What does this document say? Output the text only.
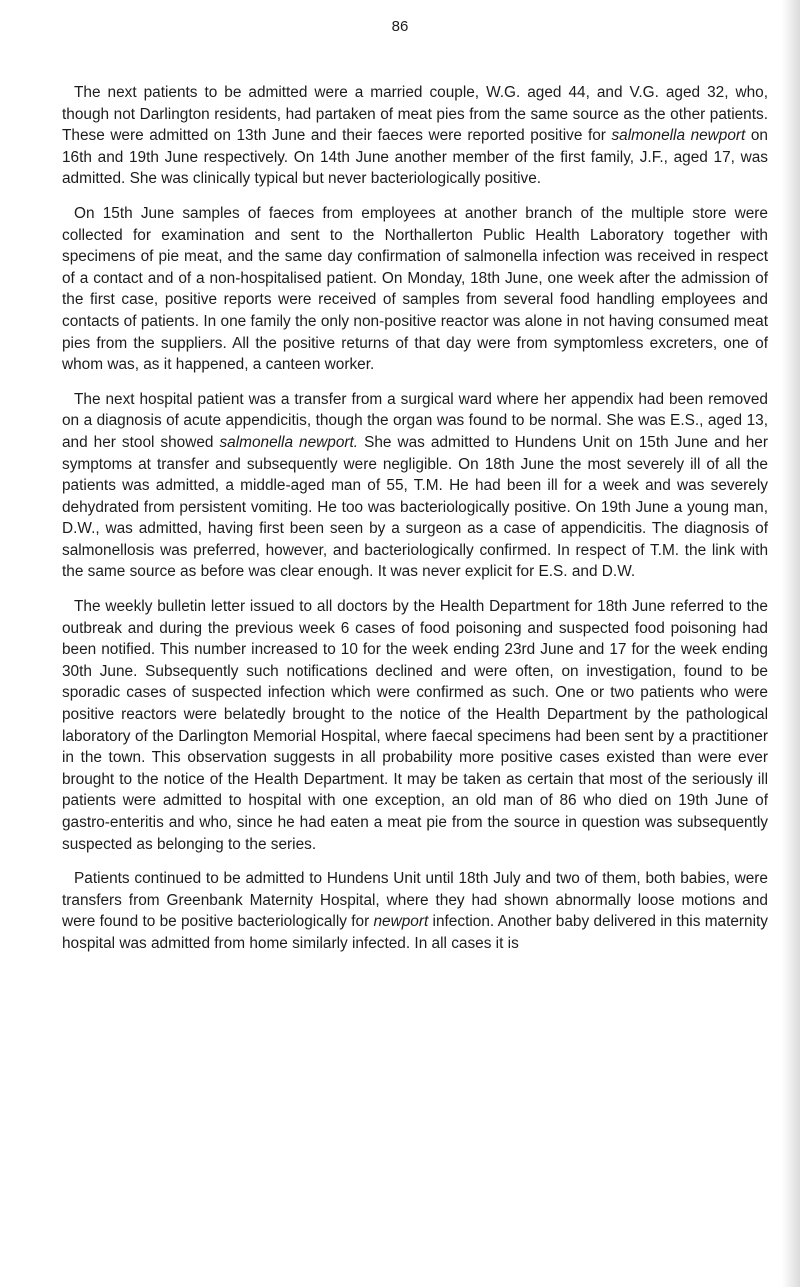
86

The next patients to be admitted were a married couple, W.G. aged 44, and V.G. aged 32, who, though not Darlington residents, had partaken of meat pies from the same source as the other patients. These were admitted on 13th June and their faeces were reported positive for salmonella newport on 16th and 19th June respectively. On 14th June another member of the first family, J.F., aged 17, was admitted. She was clinically typical but never bacteriologically positive.

On 15th June samples of faeces from employees at another branch of the multiple store were collected for examination and sent to the Northallerton Public Health Laboratory together with specimens of pie meat, and the same day confirmation of salmonella infection was received in respect of a contact and of a non-hospitalised patient. On Monday, 18th June, one week after the admission of the first case, positive reports were received of samples from several food handling employees and contacts of patients. In one family the only non-positive reactor was alone in not having consumed meat pies from the suppliers. All the positive returns of that day were from symptomless excreters, one of whom was, as it happened, a canteen worker.

The next hospital patient was a transfer from a surgical ward where her appendix had been removed on a diagnosis of acute appendicitis, though the organ was found to be normal. She was E.S., aged 13, and her stool showed salmonella newport. She was admitted to Hundens Unit on 15th June and her symptoms at transfer and subsequently were negligible. On 18th June the most severely ill of all the patients was admitted, a middle-aged man of 55, T.M. He had been ill for a week and was severely dehydrated from persistent vomiting. He too was bacteriologically positive. On 19th June a young man, D.W., was admitted, having first been seen by a surgeon as a case of appendicitis. The diagnosis of salmonellosis was preferred, however, and bacteriologically confirmed. In respect of T.M. the link with the same source as before was clear enough. It was never explicit for E.S. and D.W.

The weekly bulletin letter issued to all doctors by the Health Department for 18th June referred to the outbreak and during the previous week 6 cases of food poisoning and suspected food poisoning had been notified. This number increased to 10 for the week ending 23rd June and 17 for the week ending 30th June. Subsequently such notifications declined and were often, on investigation, found to be sporadic cases of suspected infection which were confirmed as such. One or two patients who were positive reactors were belatedly brought to the notice of the Health Department by the pathological laboratory of the Darlington Memorial Hospital, where faecal specimens had been sent by a practitioner in the town. This observation suggests in all probability more positive cases existed than were ever brought to the notice of the Health Department. It may be taken as certain that most of the seriously ill patients were admitted to hospital with one exception, an old man of 86 who died on 19th June of gastro-enteritis and who, since he had eaten a meat pie from the source in question was subsequently suspected as belonging to the series.

Patients continued to be admitted to Hundens Unit until 18th July and two of them, both babies, were transfers from Greenbank Maternity Hospital, where they had shown abnormally loose motions and were found to be positive bacteriologically for newport infection. Another baby delivered in this maternity hospital was admitted from home similarly infected. In all cases it is
